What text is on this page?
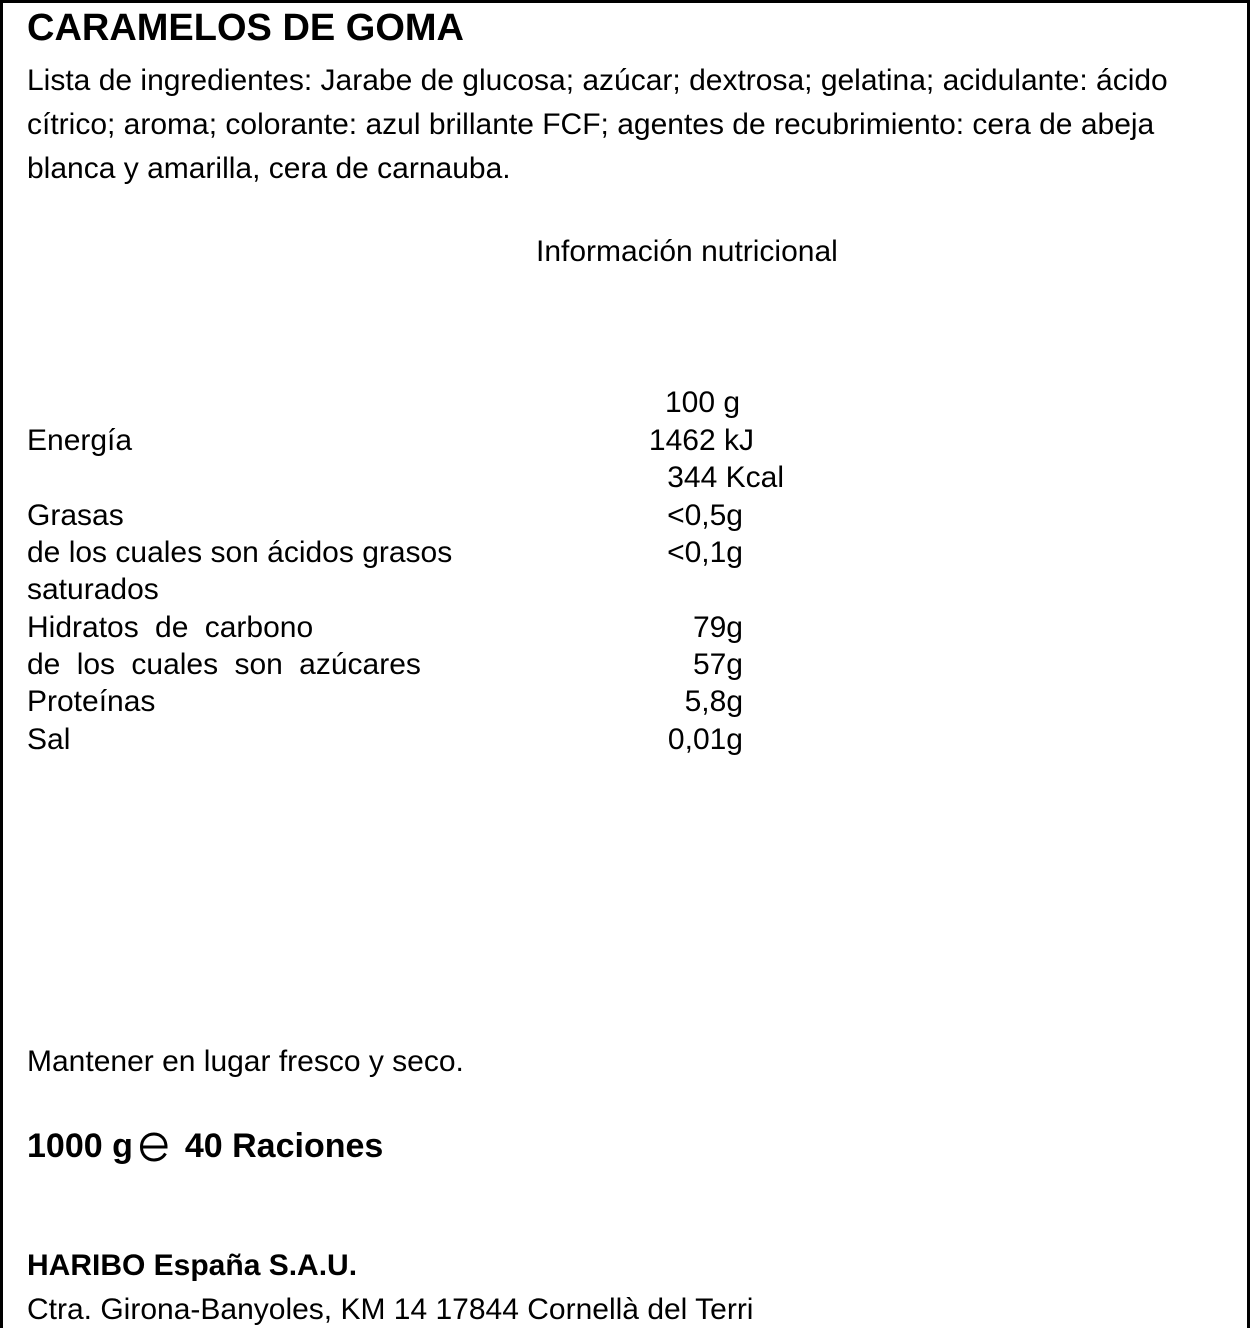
CARAMELOS DE GOMA
Lista de ingredientes: Jarabe de glucosa; azúcar; dextrosa; gelatina; acidulante: ácido cítrico; aroma; colorante: azul brillante FCF; agentes de recubrimiento: cera de abeja blanca y amarilla, cera de carnauba.
Información nutricional
100 g
Energía	1462 kJ
344 Kcal
Grasas	<0,5g
de los cuales son ácidos grasos	<0,1g
saturados
Hidratos de carbono	79g
de los cuales son azúcares	57g
Proteínas	5,8g
Sal	0,01g
Mantener en lugar fresco y seco.
1000 g 40 Raciones
HARIBO España S.A.U.
Ctra. Girona-Banyoles, KM 14 17844 Cornellà del Terri
